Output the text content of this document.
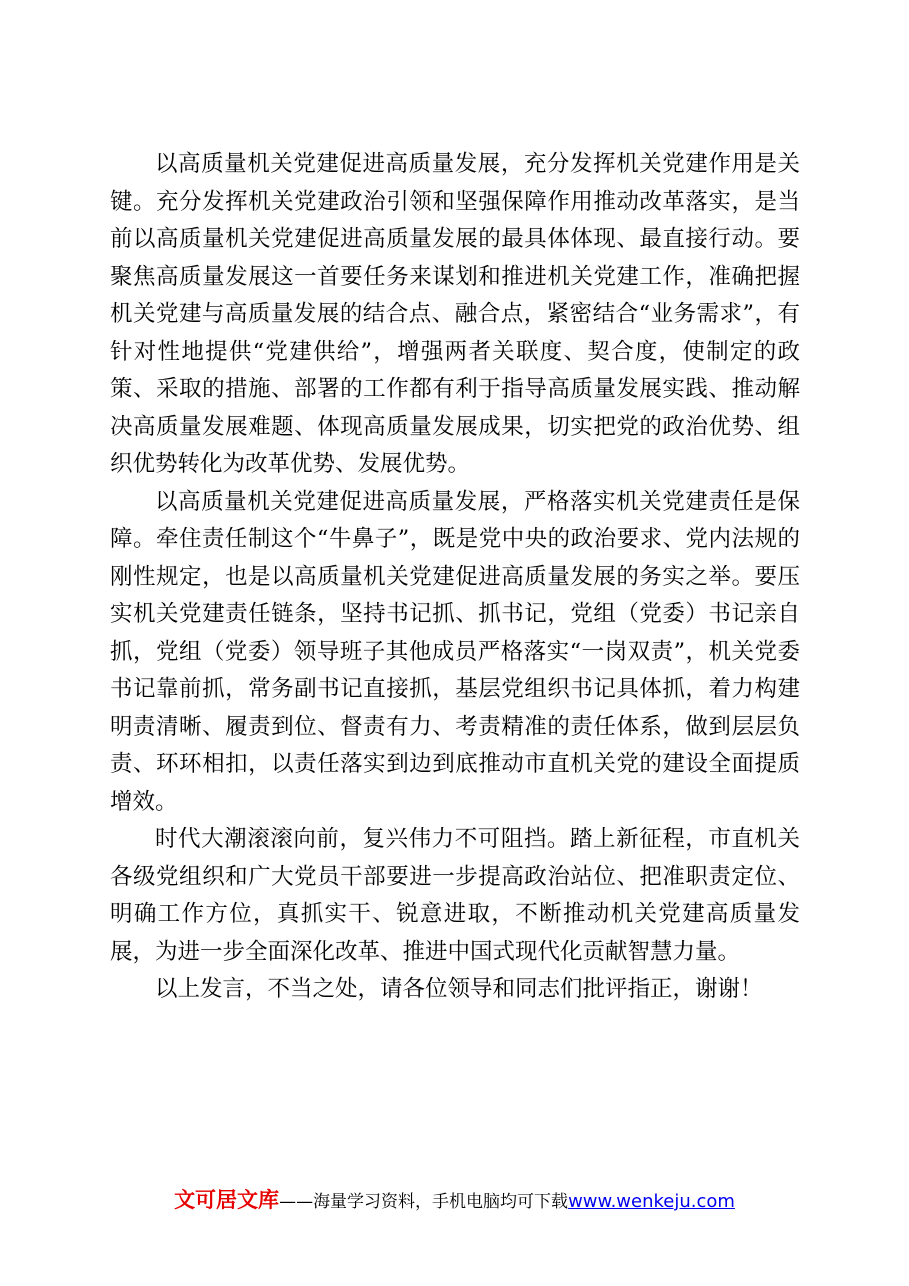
以高质量机关党建促进高质量发展，充分发挥机关党建作用是关键。充分发挥机关党建政治引领和坚强保障作用推动改革落实，是当前以高质量机关党建促进高质量发展的最具体体现、最直接行动。要聚焦高质量发展这一首要任务来谋划和推进机关党建工作，准确把握机关党建与高质量发展的结合点、融合点，紧密结合“业务需求”，有针对性地提供“党建供给”，增强两者关联度、契合度，使制定的政策、采取的措施、部署的工作都有利于指导高质量发展实践、推动解决高质量发展难题、体现高质量发展成果，切实把党的政治优势、组织优势转化为改革优势、发展优势。

以高质量机关党建促进高质量发展，严格落实机关党建责任是保障。牵住责任制这个“牛鼻子”，既是党中央的政治要求、党内法规的刚性规定，也是以高质量机关党建促进高质量发展的务实之举。要压实机关党建责任链条，坚持书记抓、抓书记，党组（党委）书记亲自抓，党组（党委）领导班子其他成员严格落实“一岗双责”，机关党委书记靠前抓，常务副书记直接抓，基层党组织书记具体抓，着力构建明责清晰、履责到位、督责有力、考责精准的责任体系，做到层层负责、环环相扣，以责任落实到边到底推动市直机关党的建设全面提质增效。

时代大潮滚滚向前，复兴伟力不可阻挡。踏上新征程，市直机关各级党组织和广大党员干部要进一步提高政治站位、把准职责定位、明确工作方位，真抓实干、锐意进取，不断推动机关党建高质量发展，为进一步全面深化改革、推进中国式现代化贡献智慧力量。

以上发言，不当之处，请各位领导和同志们批评指正，谢谢！

文可居文库——海量学习资料，手机电脑均可下载www.wenkeju.com
